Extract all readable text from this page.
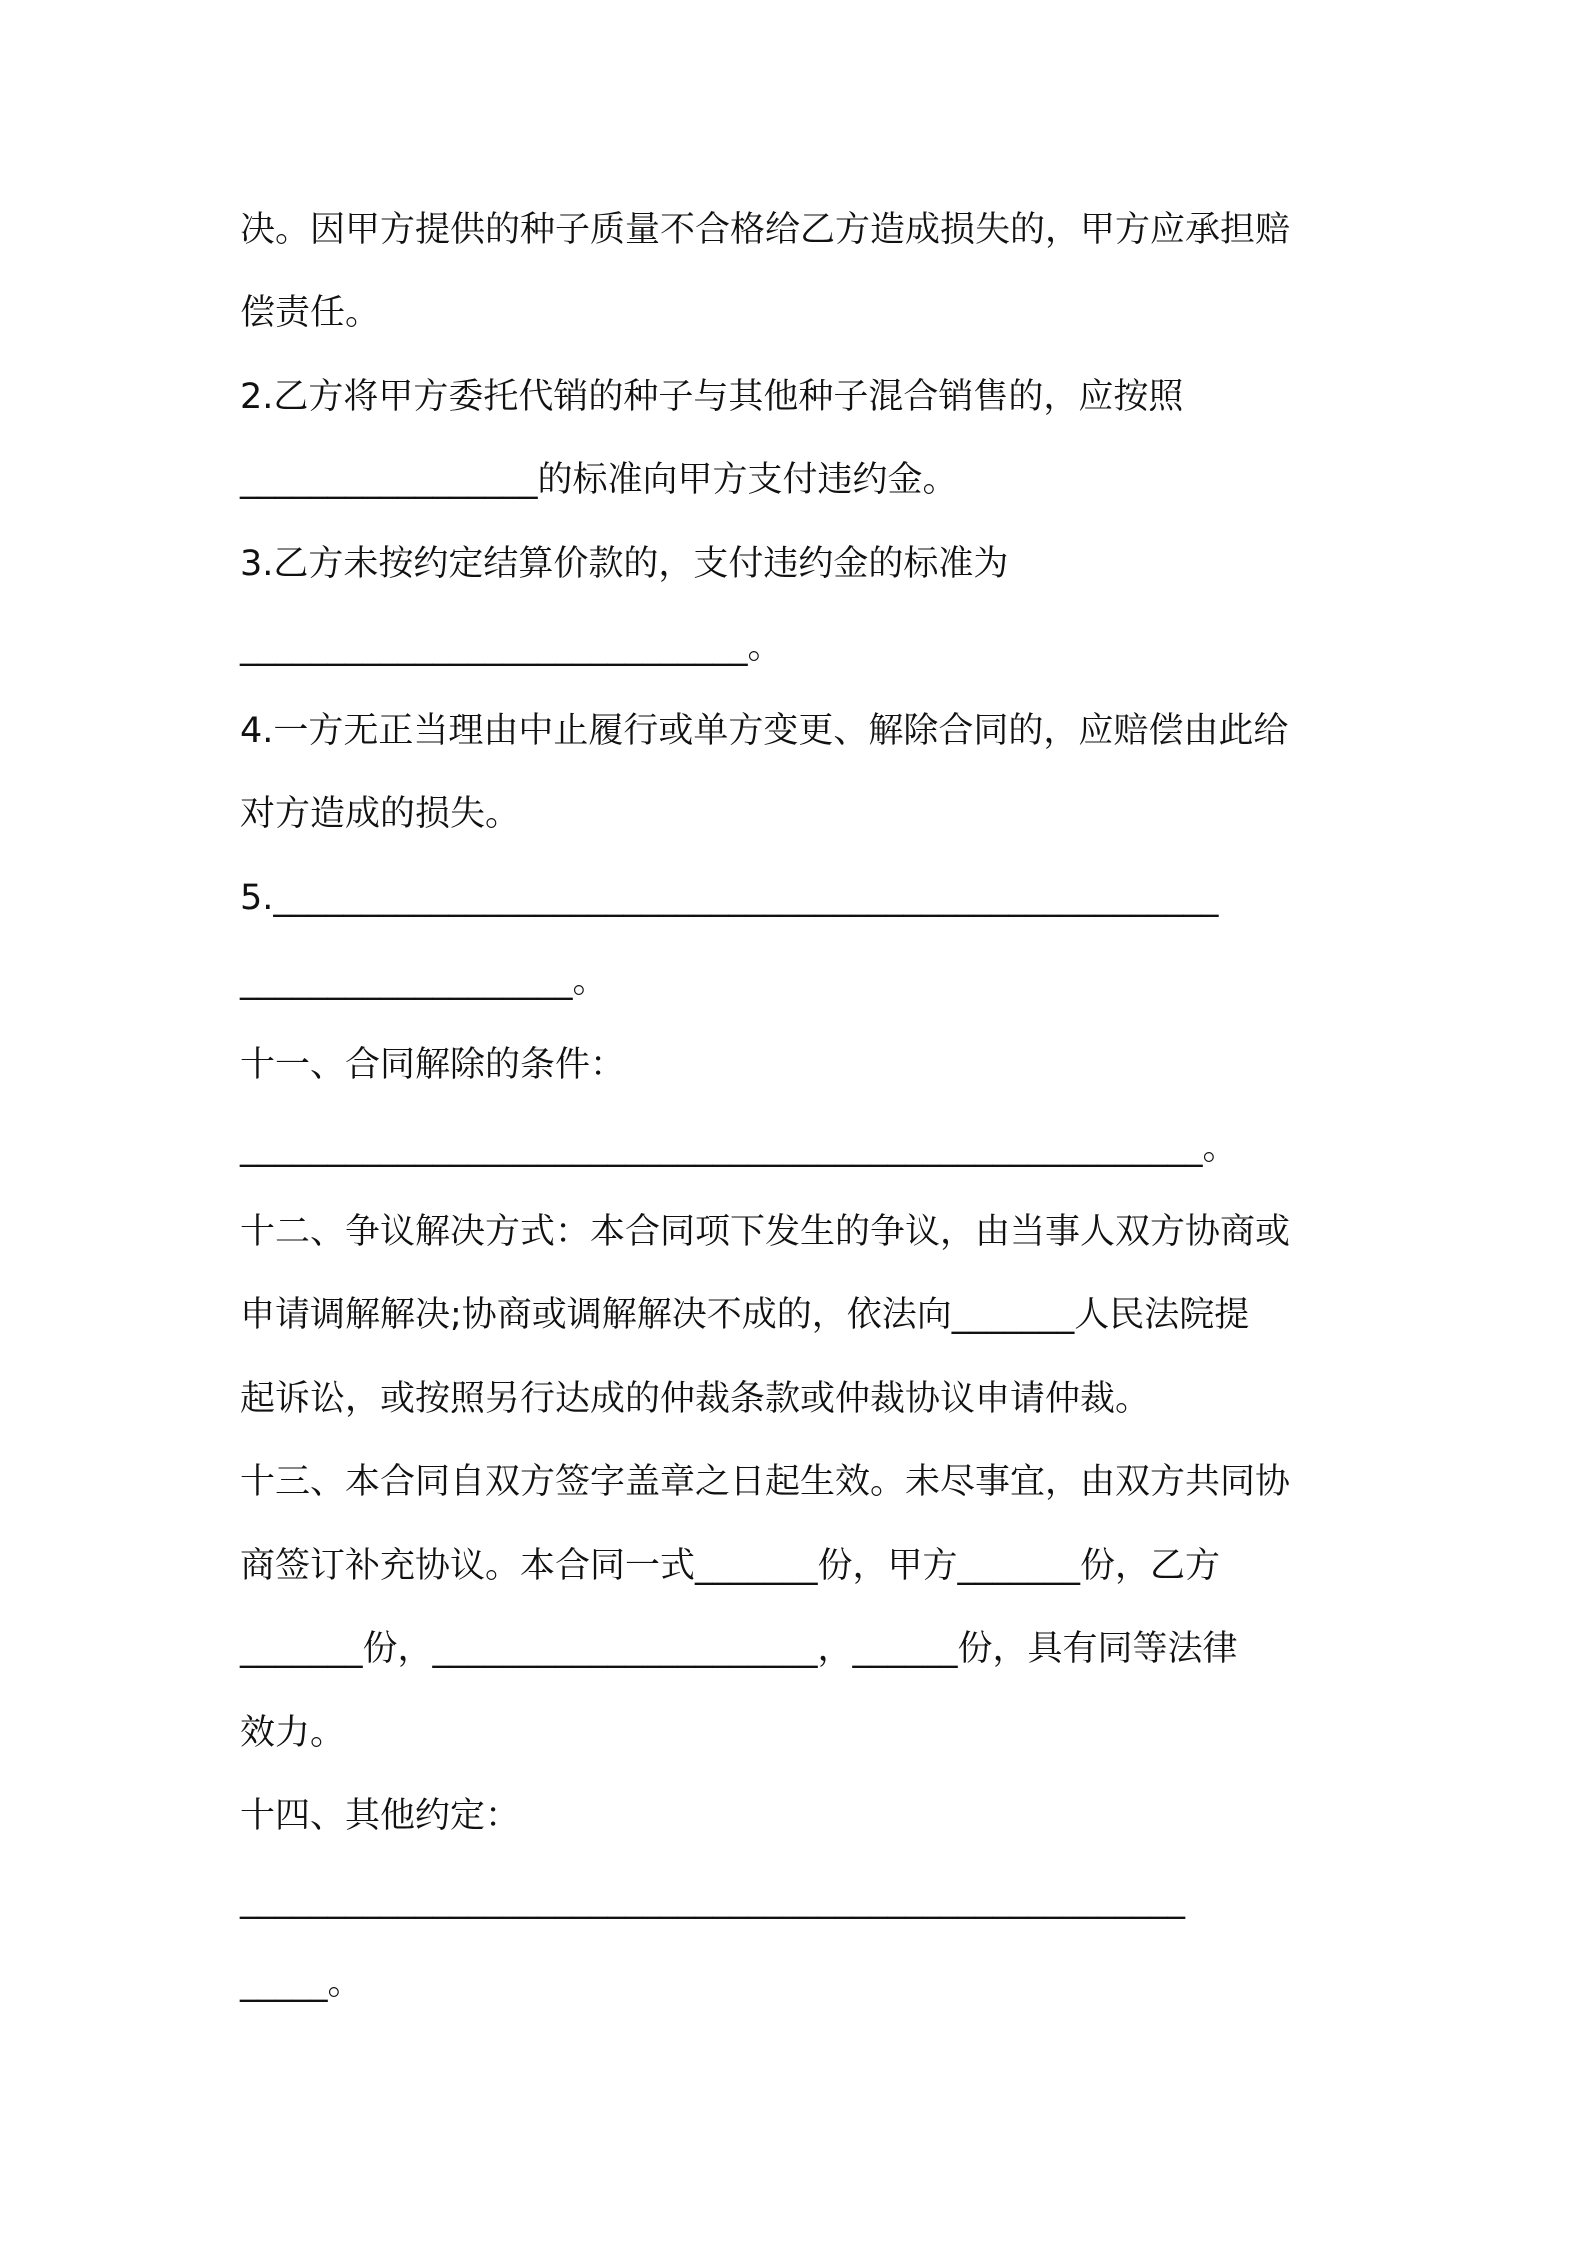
决。因甲方提供的种子质量不合格给乙方造成损失的，甲方应承担赔
偿责任。
2.乙方将甲方委托代销的种子与其他种子混合销售的，应按照
_________________的标准向甲方支付违约金。
3.乙方未按约定结算价款的，支付违约金的标准为
_____________________________。
4.一方无正当理由中止履行或单方变更、解除合同的，应赔偿由此给
对方造成的损失。
5.______________________________________________________
___________________。
十一、合同解除的条件：
_______________________________________________________。
十二、争议解决方式：本合同项下发生的争议，由当事人双方协商或
申请调解解决;协商或调解解决不成的，依法向_______人民法院提
起诉讼，或按照另行达成的仲裁条款或仲裁协议申请仲裁。
十三、本合同自双方签字盖章之日起生效。未尽事宜，由双方共同协
商签订补充协议。本合同一式_______份，甲方_______份，乙方
_______份，______________________，______份，具有同等法律
效力。
十四、其他约定：
______________________________________________________
_____。
